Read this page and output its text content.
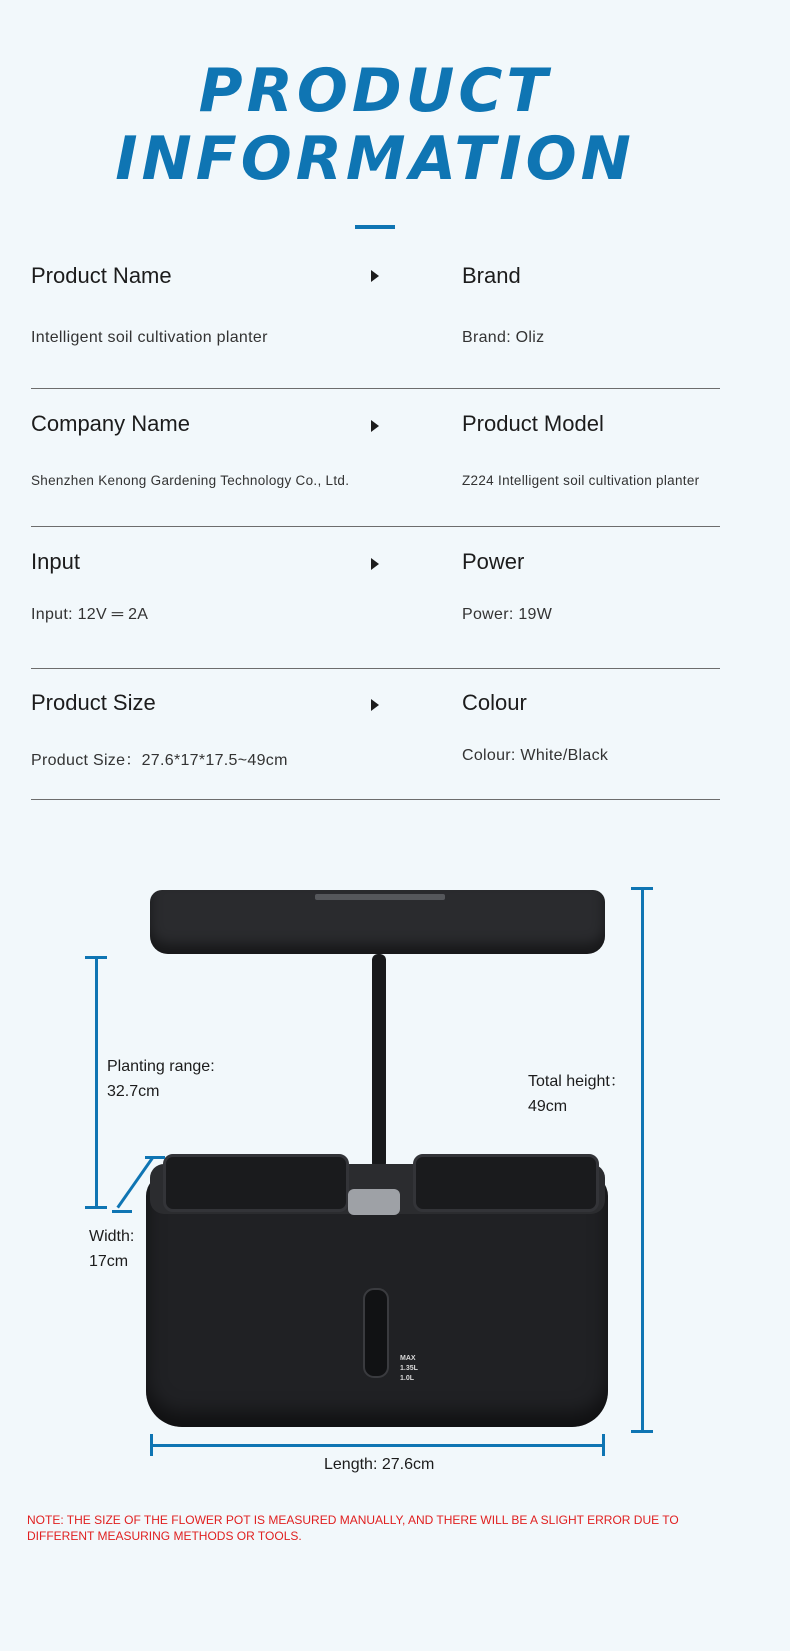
PRODUCT
INFORMATION
Product Name	Brand
Intelligent soil cultivation planter	Brand: Oliz
Company Name	Product Model
Shenzhen Kenong Gardening Technology Co., Ltd.	Z224 Intelligent soil cultivation planter
Input	Power
Input: 12V ═ 2A	Power: 19W
Product Size	Colour
Product Size：27.6*17*17.5~49cm	Colour: White/Black
MAX
1.35L
1.0L
Planting range:
32.7cm
Total height：
49cm
Width:
17cm
Length: 27.6cm
NOTE: THE SIZE OF THE FLOWER POT IS MEASURED MANUALLY, AND THERE WILL BE A SLIGHT ERROR DUE TO DIFFERENT MEASURING METHODS OR TOOLS.
